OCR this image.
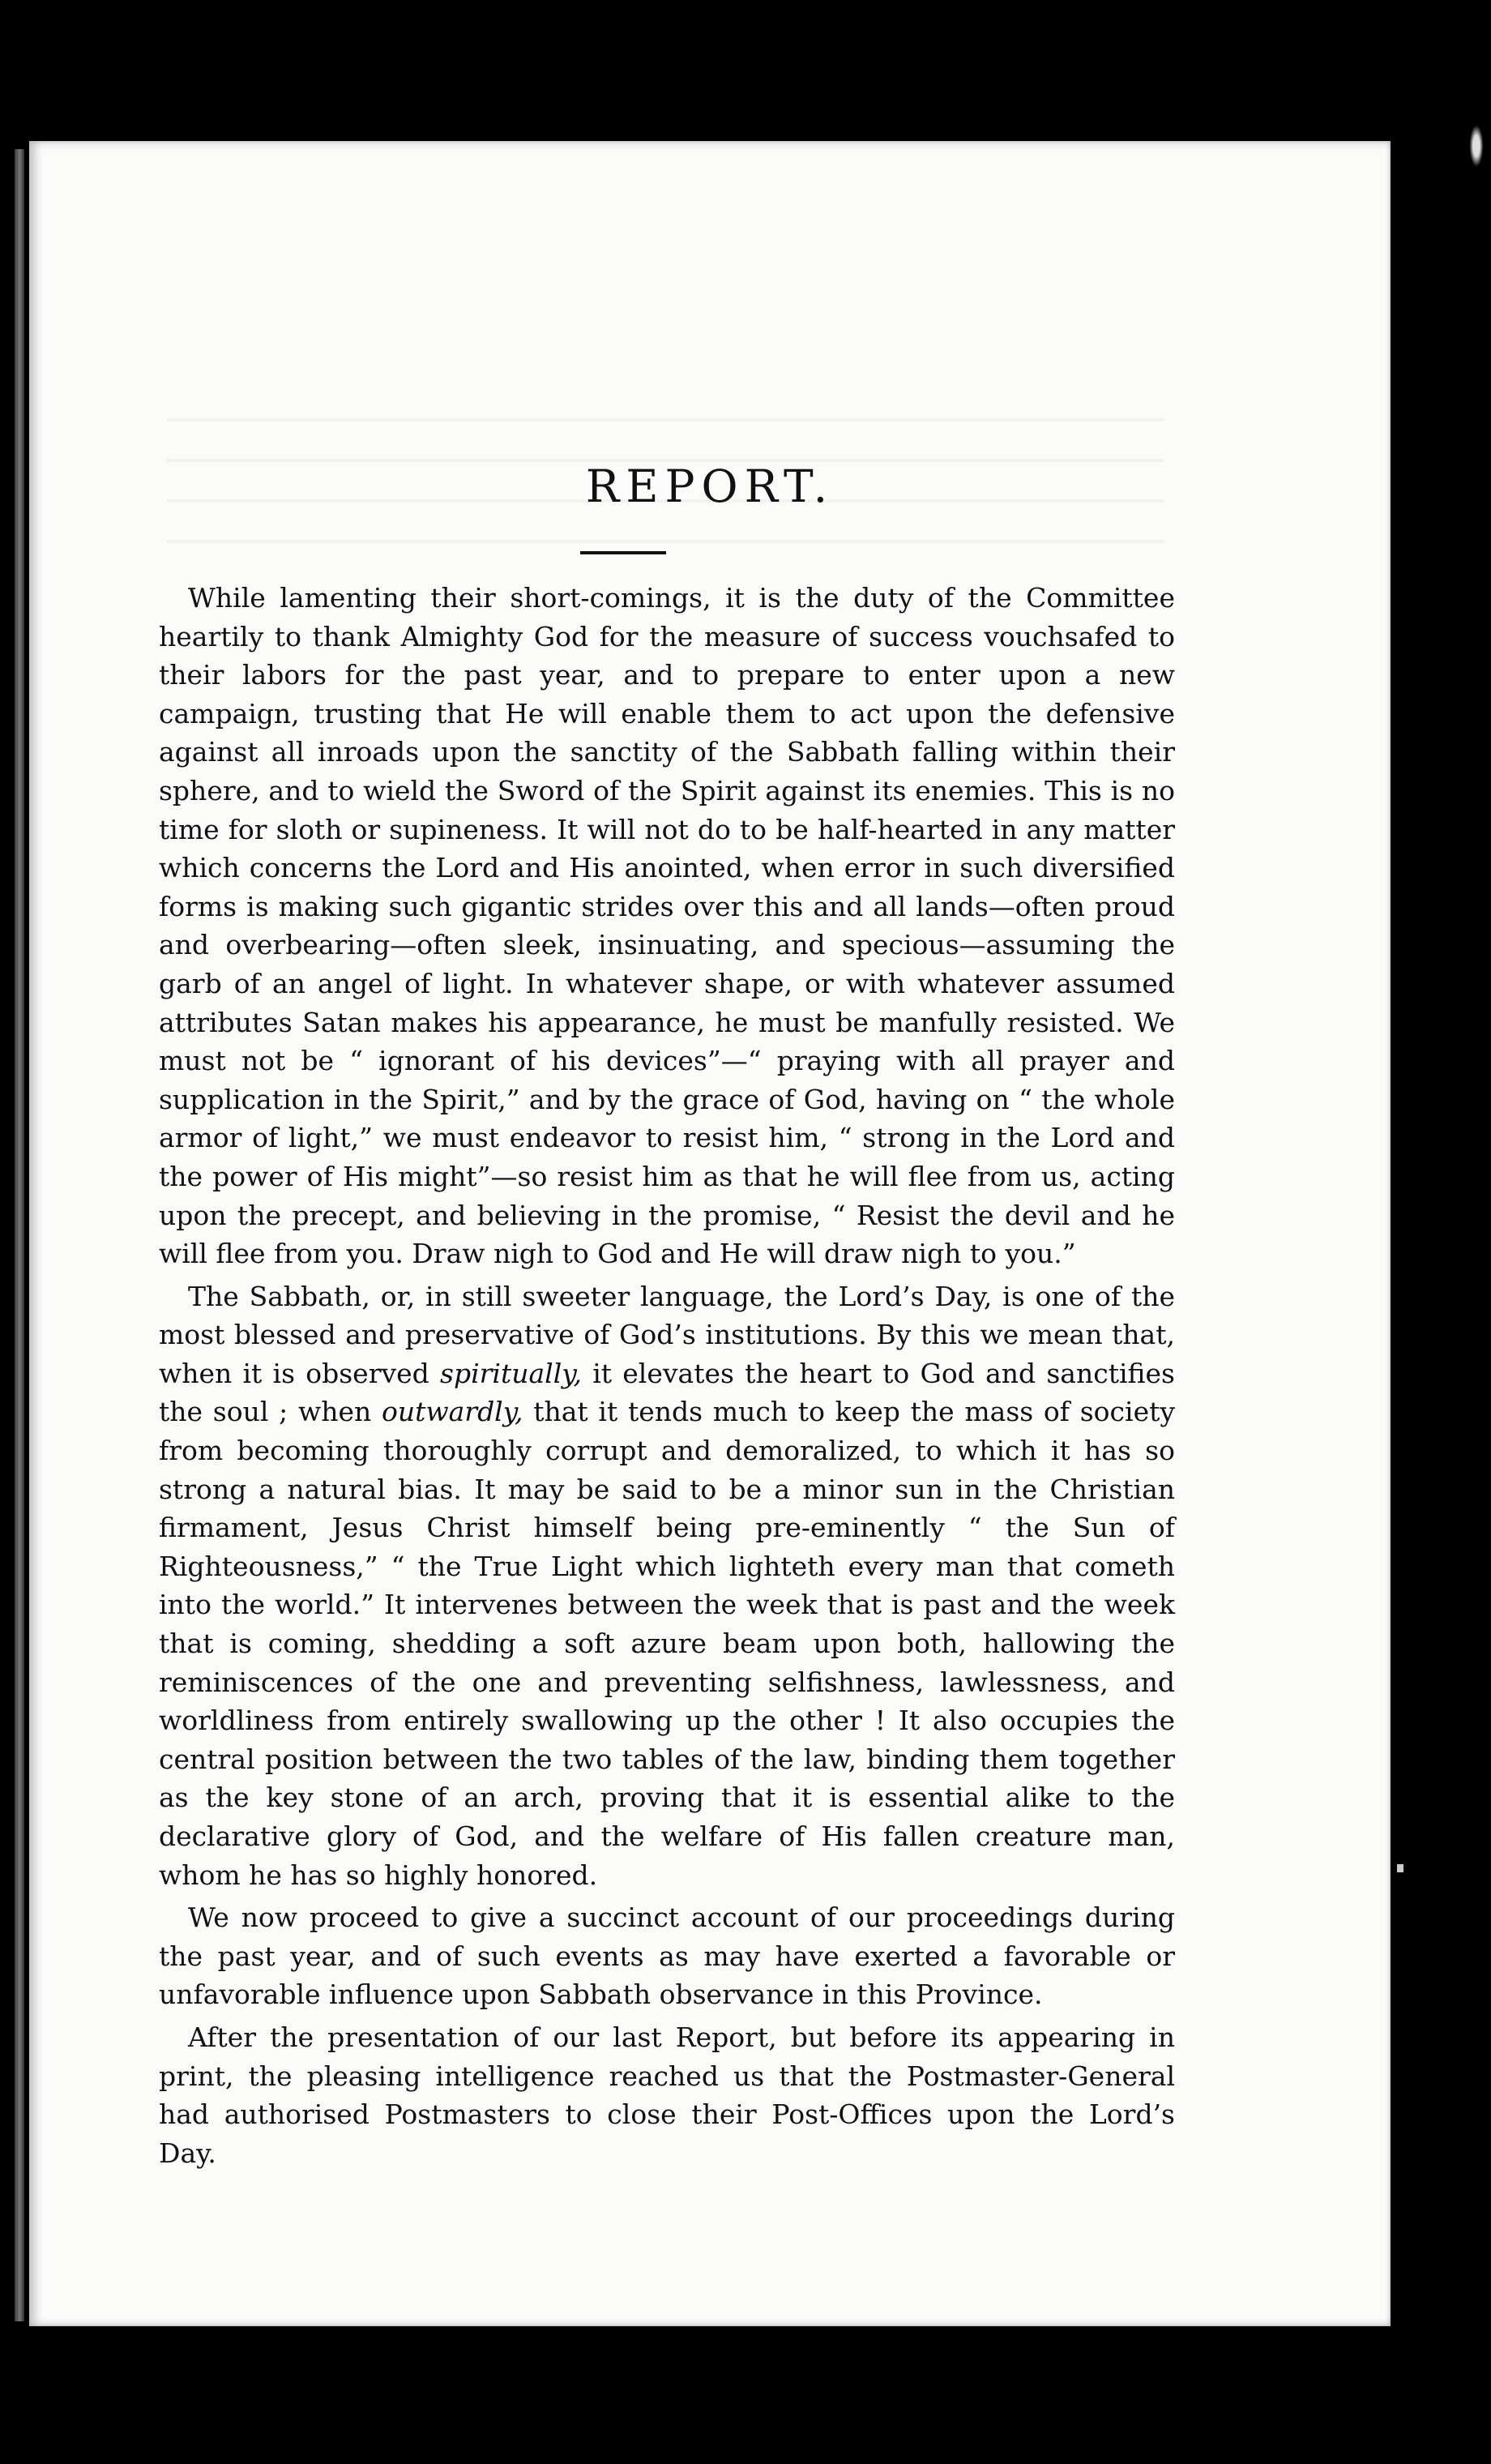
REPORT.

While lamenting their short-comings, it is the duty of the Committee heartily to thank Almighty God for the measure of success vouchsafed to their labors for the past year, and to prepare to enter upon a new campaign, trusting that He will enable them to act upon the defensive against all inroads upon the sanctity of the Sabbath falling within their sphere, and to wield the Sword of the Spirit against its enemies. This is no time for sloth or supineness. It will not do to be half-hearted in any matter which concerns the Lord and His anointed, when error in such diversified forms is making such gigantic strides over this and all lands—often proud and overbearing—often sleek, insinuating, and specious—assuming the garb of an angel of light. In whatever shape, or with whatever assumed attributes Satan makes his appearance, he must be manfully resisted. We must not be “ ignorant of his devices”—“ praying with all prayer and supplication in the Spirit,” and by the grace of God, having on “ the whole armor of light,” we must endeavor to resist him, “ strong in the Lord and the power of His might”—so resist him as that he will flee from us, acting upon the precept, and believing in the promise, “ Resist the devil and he will flee from you. Draw nigh to God and He will draw nigh to you.”

The Sabbath, or, in still sweeter language, the Lord’s Day, is one of the most blessed and preservative of God’s institutions. By this we mean that, when it is observed spiritually, it elevates the heart to God and sanctifies the soul ; when outwardly, that it tends much to keep the mass of society from becoming thoroughly corrupt and demoralized, to which it has so strong a natural bias. It may be said to be a minor sun in the Christian firmament, Jesus Christ himself being pre-eminently “ the Sun of Righteousness,” “ the True Light which lighteth every man that cometh into the world.” It intervenes between the week that is past and the week that is coming, shedding a soft azure beam upon both, hallowing the reminiscences of the one and preventing selfishness, lawlessness, and worldliness from entirely swallowing up the other ! It also occupies the central position between the two tables of the law, binding them together as the key stone of an arch, proving that it is essential alike to the declarative glory of God, and the welfare of His fallen creature man, whom he has so highly honored.

We now proceed to give a succinct account of our proceedings during the past year, and of such events as may have exerted a favorable or unfavorable influence upon Sabbath observance in this Province.

After the presentation of our last Report, but before its appearing in print, the pleasing intelligence reached us that the Postmaster-General had authorised Postmasters to close their Post-Offices upon the Lord’s Day.
